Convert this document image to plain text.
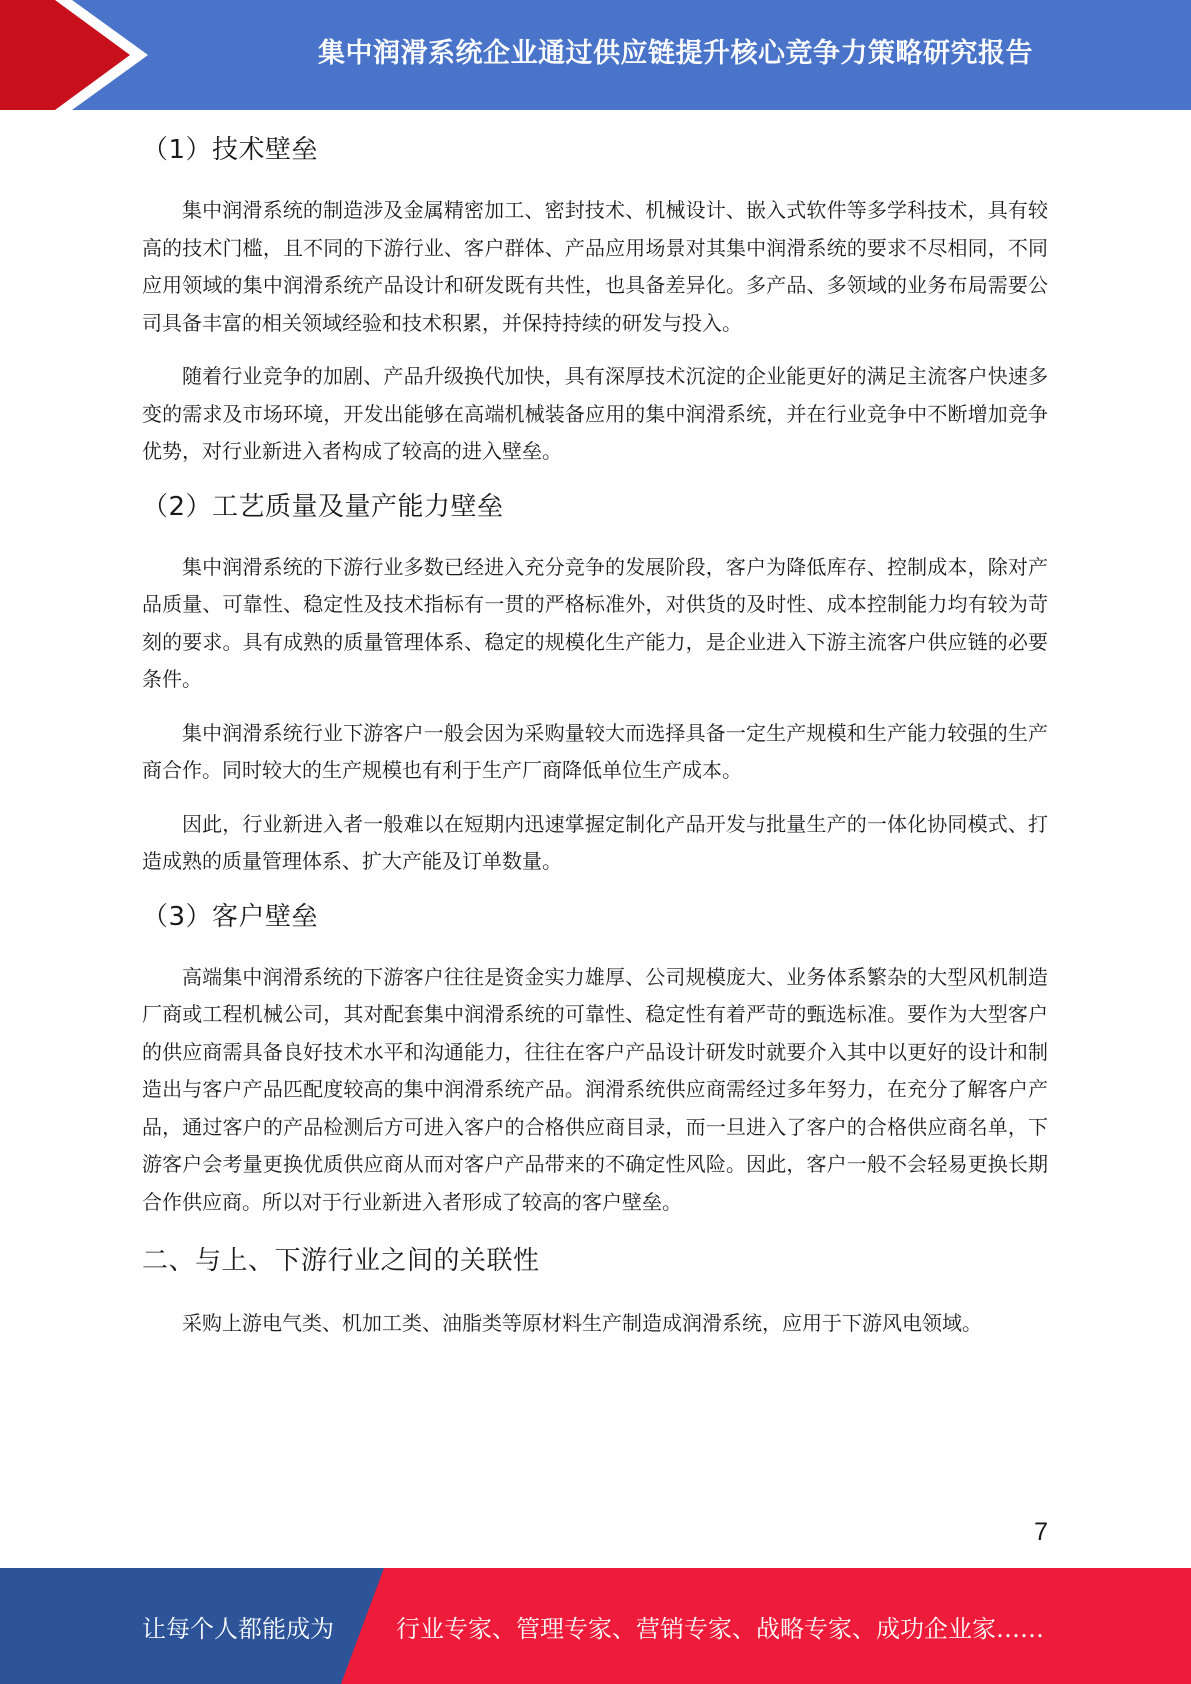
集中润滑系统企业通过供应链提升核心竞争力策略研究报告
（1）技术壁垒

集中润滑系统的制造涉及金属精密加工、密封技术、机械设计、嵌入式软件等多学科技术，具有较高的技术门槛，且不同的下游行业、客户群体、产品应用场景对其集中润滑系统的要求不尽相同，不同应用领域的集中润滑系统产品设计和研发既有共性，也具备差异化。多产品、多领域的业务布局需要公司具备丰富的相关领域经验和技术积累，并保持持续的研发与投入。

随着行业竞争的加剧、产品升级换代加快，具有深厚技术沉淀的企业能更好的满足主流客户快速多变的需求及市场环境，开发出能够在高端机械装备应用的集中润滑系统，并在行业竞争中不断增加竞争优势，对行业新进入者构成了较高的进入壁垒。

（2）工艺质量及量产能力壁垒

集中润滑系统的下游行业多数已经进入充分竞争的发展阶段，客户为降低库存、控制成本，除对产品质量、可靠性、稳定性及技术指标有一贯的严格标准外，对供货的及时性、成本控制能力均有较为苛刻的要求。具有成熟的质量管理体系、稳定的规模化生产能力，是企业进入下游主流客户供应链的必要条件。

集中润滑系统行业下游客户一般会因为采购量较大而选择具备一定生产规模和生产能力较强的生产商合作。同时较大的生产规模也有利于生产厂商降低单位生产成本。

因此，行业新进入者一般难以在短期内迅速掌握定制化产品开发与批量生产的一体化协同模式、打造成熟的质量管理体系、扩大产能及订单数量。

（3）客户壁垒

高端集中润滑系统的下游客户往往是资金实力雄厚、公司规模庞大、业务体系繁杂的大型风机制造厂商或工程机械公司，其对配套集中润滑系统的可靠性、稳定性有着严苛的甄选标准。要作为大型客户的供应商需具备良好技术水平和沟通能力，往往在客户产品设计研发时就要介入其中以更好的设计和制造出与客户产品匹配度较高的集中润滑系统产品。润滑系统供应商需经过多年努力，在充分了解客户产品，通过客户的产品检测后方可进入客户的合格供应商目录，而一旦进入了客户的合格供应商名单，下游客户会考量更换优质供应商从而对客户产品带来的不确定性风险。因此，客户一般不会轻易更换长期合作供应商。所以对于行业新进入者形成了较高的客户壁垒。

二、与上、下游行业之间的关联性

采购上游电气类、机加工类、油脂类等原材料生产制造成润滑系统，应用于下游风电领域。

7
让每个人都能成为	行业专家、管理专家、营销专家、战略专家、成功企业家……
